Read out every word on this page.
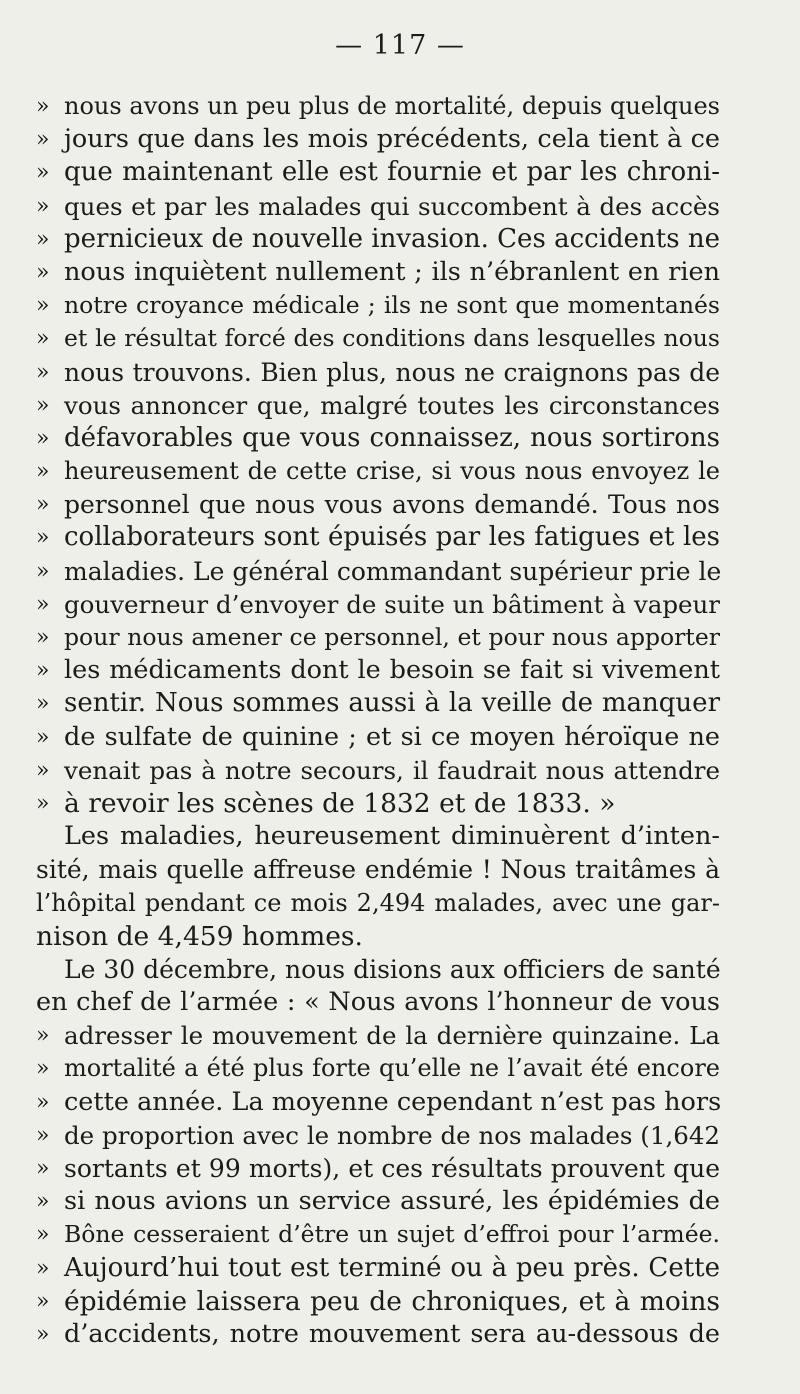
— 117 —
» nous avons un peu plus de mortalité, depuis quelques
» jours que dans les mois précédents, cela tient à ce
» que maintenant elle est fournie et par les chroni-
» ques et par les malades qui succombent à des accès
» pernicieux de nouvelle invasion. Ces accidents ne
» nous inquiètent nullement ; ils n’ébranlent en rien
» notre croyance médicale ; ils ne sont que momentanés
» et le résultat forcé des conditions dans lesquelles nous
» nous trouvons. Bien plus, nous ne craignons pas de
» vous annoncer que, malgré toutes les circonstances
» défavorables que vous connaissez, nous sortirons
» heureusement de cette crise, si vous nous envoyez le
» personnel que nous vous avons demandé. Tous nos
» collaborateurs sont épuisés par les fatigues et les
» maladies. Le général commandant supérieur prie le
» gouverneur d’envoyer de suite un bâtiment à vapeur
» pour nous amener ce personnel, et pour nous apporter
» les médicaments dont le besoin se fait si vivement
» sentir. Nous sommes aussi à la veille de manquer
» de sulfate de quinine ; et si ce moyen héroïque ne
» venait pas à notre secours, il faudrait nous attendre
» à revoir les scènes de 1832 et de 1833. »
Les maladies, heureusement diminuèrent d’inten-
sité, mais quelle affreuse endémie ! Nous traitâmes à
l’hôpital pendant ce mois 2,494 malades, avec une gar-
nison de 4,459 hommes.
Le 30 décembre, nous disions aux officiers de santé
en chef de l’armée : « Nous avons l’honneur de vous
» adresser le mouvement de la dernière quinzaine. La
» mortalité a été plus forte qu’elle ne l’avait été encore
» cette année. La moyenne cependant n’est pas hors
» de proportion avec le nombre de nos malades (1,642
» sortants et 99 morts), et ces résultats prouvent que
» si nous avions un service assuré, les épidémies de
» Bône cesseraient d’être un sujet d’effroi pour l’armée.
» Aujourd’hui tout est terminé ou à peu près. Cette
» épidémie laissera peu de chroniques, et à moins
» d’accidents, notre mouvement sera au-dessous de
